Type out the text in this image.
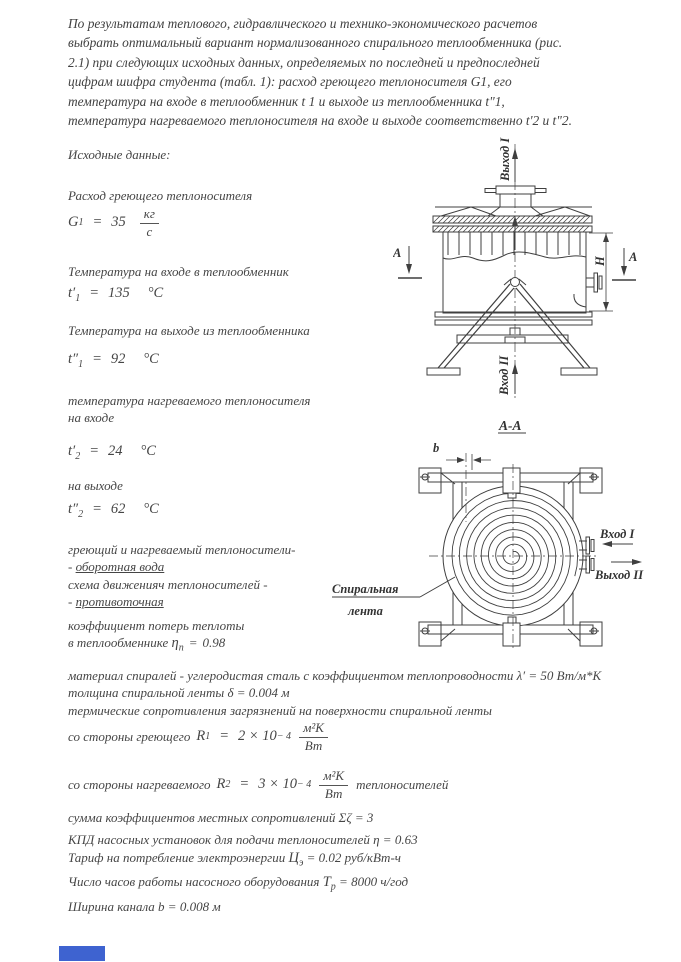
По результатам теплового, гидравлического и технико-экономического расчетов
выбрать оптимальный вариант нормализованного спирального теплообменника (рис.
2.1) при следующих исходных данных, определяемых по последней и предпоследней
цифрам шифра студента (табл. 1): расход греющего теплоносителя G1, его
температура на входе в теплообменник t 1 и выходе из теплообменника t"1,
температура нагреваемого теплоносителя на входе и выходе соответственно t'2 и t"2.
Исходные данные:
Расход греющего теплоносителя
G $1 = 35 \frac{кг}{с}$
Температура на входе в теплообменник
$t'_1 = 135$ °С
Температура на выходе из теплообменника
$t''_1 = 92$ °С
температура нагреваемого теплоносителя
на входе
$t'_2 = 24$ °С
на выходе
$t''_2 = 62$ °С
греющий и нагреваемый теплоносители-
- оборотная вода
схема движенияч теплоносителей -
- противоточная
коэффициент потерь теплоты
в теплообменнике $\eta_п = 0.98$
материал спиралей - углеродистая сталь с коэффициентом теплопроводности λ′ = 50 Вт/м*К
толщина спиральной ленты δ = 0.004 м
термические сопротивления загрязнений на поверхности спиральной ленты
со стороны греющего R $1 = 2 \times 10 - 4 \frac{\text{м²К}}{Вт}$
со стороны нагреваемого R $2 = 3 \times 10 - 4 \frac{\text{м²К}}{Вт}$ теплоносителей
сумма коэффициентов местных сопротивлений Σζ = 3
КПД насосных установок для подачи теплоносителей η = 0.63
Тариф на потребление электроэнергии $Ц_э = 0.02$ руб/кВт-ч
Число часов работы насосного оборудования $T_р = 8000$ ч/год
Ширина канала b = 0.008 м
Выход I
Вход II
Н
А	А
А-А
b
Вход I
Выход II
Спиральная
лента
